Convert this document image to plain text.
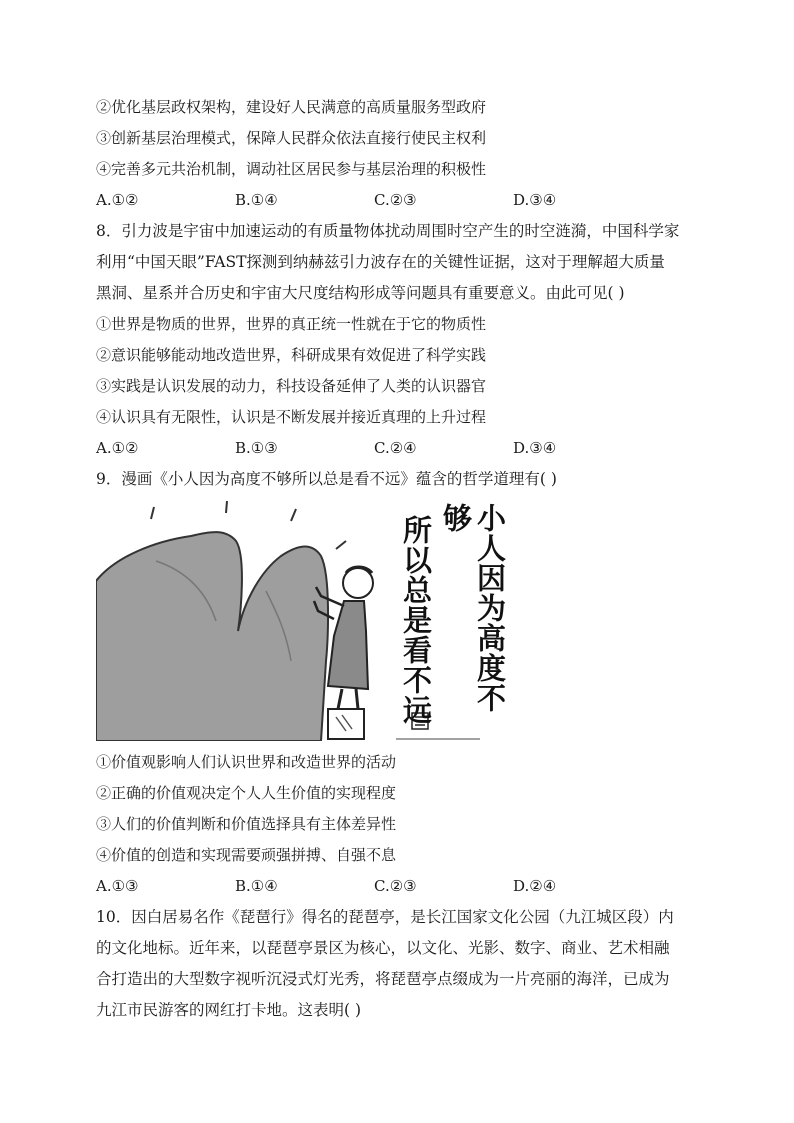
②优化基层政权架构，建设好人民满意的高质量服务型政府
③创新基层治理模式，保障人民群众依法直接行使民主权利
④完善多元共治机制，调动社区居民参与基层治理的积极性
A.①②	B.①④	C.②③	D.③④
8．引力波是宇宙中加速运动的有质量物体扰动周围时空产生的时空涟漪，中国科学家
利用“中国天眼”FAST探测到纳赫兹引力波存在的关键性证据，这对于理解超大质量
黑洞、星系并合历史和宇宙大尺度结构形成等问题具有重要意义。由此可见( )
①世界是物质的世界，世界的真正统一性就在于它的物质性
②意识能够能动地改造世界，科研成果有效促进了科学实践
③实践是认识发展的动力，科技设备延伸了人类的认识器官
④认识具有无限性，认识是不断发展并接近真理的上升过程
A.①②	B.①③	C.②④	D.③④
9．漫画《小人因为高度不够所以总是看不远》蕴含的哲学道理有( )
小人因为高度不够
所以总是看不远
①价值观影响人们认识世界和改造世界的活动
②正确的价值观决定个人人生价值的实现程度
③人们的价值判断和价值选择具有主体差异性
④价值的创造和实现需要顽强拼搏、自强不息
A.①③	B.①④	C.②③	D.②④
10．因白居易名作《琵琶行》得名的琵琶亭，是长江国家文化公园（九江城区段）内
的文化地标。近年来，以琵琶亭景区为核心，以文化、光影、数字、商业、艺术相融
合打造出的大型数字视听沉浸式灯光秀，将琵琶亭点缀成为一片亮丽的海洋，已成为
九江市民游客的网红打卡地。这表明( )
